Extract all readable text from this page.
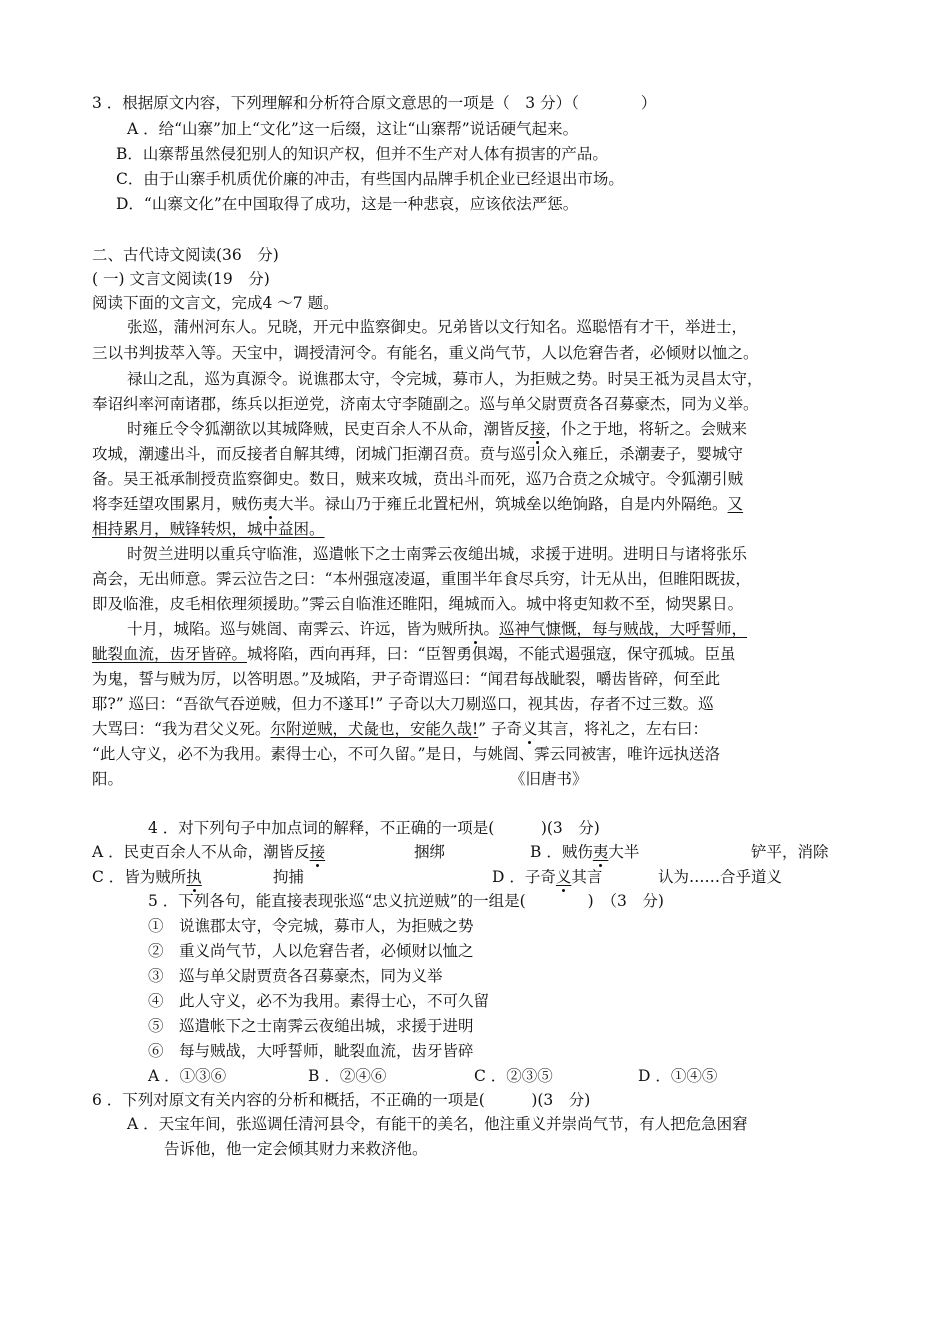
3 ．根据原文内容，下列理解和分析符合原文意思的一项是（　3 分）（　　　　）
A ．给“山寨”加上“文化”这一后缀，这让“山寨帮”说话硬气起来。
B．山寨帮虽然侵犯别人的知识产权，但并不生产对人体有损害的产品。
C．由于山寨手机质优价廉的冲击，有些国内品牌手机企业已经退出市场。
D．“山寨文化”在中国取得了成功，这是一种悲哀，应该依法严惩。
二、古代诗文阅读(36　分)
( 一) 文言文阅读(19　分)
阅读下面的文言文，完成4 ～7 题。
张巡，蒲州河东人。兄晓，开元中监察御史。兄弟皆以文行知名。巡聪悟有才干，举进士，
三以书判拔萃入等。天宝中，调授清河令。有能名，重义尚气节，人以危窘告者，必倾财以恤之。
禄山之乱，巡为真源令。说谯郡太守，令完城，募市人，为拒贼之势。时吴王祗为灵昌太守，
奉诏纠率河南诸郡，练兵以拒逆党，济南太守李随副之。巡与单父尉贾贲各召募豪杰，同为义举。
时雍丘令令狐潮欲以其城降贼，民吏百余人不从命，潮皆反接，仆之于地，将斩之。会贼来
攻城，潮遽出斗，而反接者自解其缚，闭城门拒潮召贲。贲与巡引众入雍丘，杀潮妻子，婴城守
备。吴王祗承制授贲监察御史。数日，贼来攻城，贲出斗而死，巡乃合贲之众城守。令狐潮引贼
将李廷望攻围累月，贼伤夷大半。禄山乃于雍丘北置杞州，筑城垒以绝饷路，自是内外隔绝。又
相持累月，贼锋转炽，城中益困。
时贺兰进明以重兵守临淮，巡遣帐下之士南霁云夜缒出城，求援于进明。进明日与诸将张乐
高会，无出师意。霁云泣告之曰：“本州强寇凌逼，重围半年食尽兵穷，计无从出，但睢阳既拔，
即及临淮，皮毛相依理须援助。”霁云自临淮还睢阳，绳城而入。城中将吏知救不至，恸哭累日。
十月，城陷。巡与姚訚、南霁云、许远，皆为贼所执。巡神气慷慨，每与贼战，大呼誓师，
眦裂血流，齿牙皆碎。城将陷，西向再拜，曰：“臣智勇俱竭，不能式遏强寇，保守孤城。臣虽
为鬼，誓与贼为厉，以答明恩。”及城陷，尹子奇谓巡曰：“闻君每战眦裂，嚼齿皆碎，何至此
耶?” 巡曰：“吾欲气吞逆贼，但力不遂耳!” 子奇以大刀剔巡口，视其齿，存者不过三数。巡
大骂曰：“我为君父义死。尔附逆贼，犬彘也，安能久哉!” 子奇义其言，将礼之，左右曰：
“此人守义，必不为我用。素得士心，不可久留。”是日，与姚訚、霁云同被害，唯许远执送洛
阳。	《旧唐书》
4 ．对下列句子中加点词的解释，不正确的一项是(　　　)(3　分)
A ．民吏百余人不从命，潮皆反接	捆绑	B ．贼伤夷大半	铲平，消除
C ．皆为贼所执	拘捕	D ．子奇义其言	认为……合乎道义
5 ．下列各句，能直接表现张巡“忠义抗逆贼”的一组是(　　　　)　（3　分)
①　说谯郡太守，令完城，募市人，为拒贼之势
②　重义尚气节，人以危窘告者，必倾财以恤之
③　巡与单父尉贾贲各召募豪杰，同为义举
④　此人守义，必不为我用。素得士心，不可久留
⑤　巡遣帐下之士南霁云夜缒出城，求援于进明
⑥　每与贼战，大呼誓师，眦裂血流，齿牙皆碎
A ．①③⑥	B ．②④⑥	C ．②③⑤	D ．①④⑤
6 ．下列对原文有关内容的分析和概括，不正确的一项是(　　　)(3　分)
A ．天宝年间，张巡调任清河县令，有能干的美名，他注重义并崇尚气节，有人把危急困窘
告诉他，他一定会倾其财力来救济他。
